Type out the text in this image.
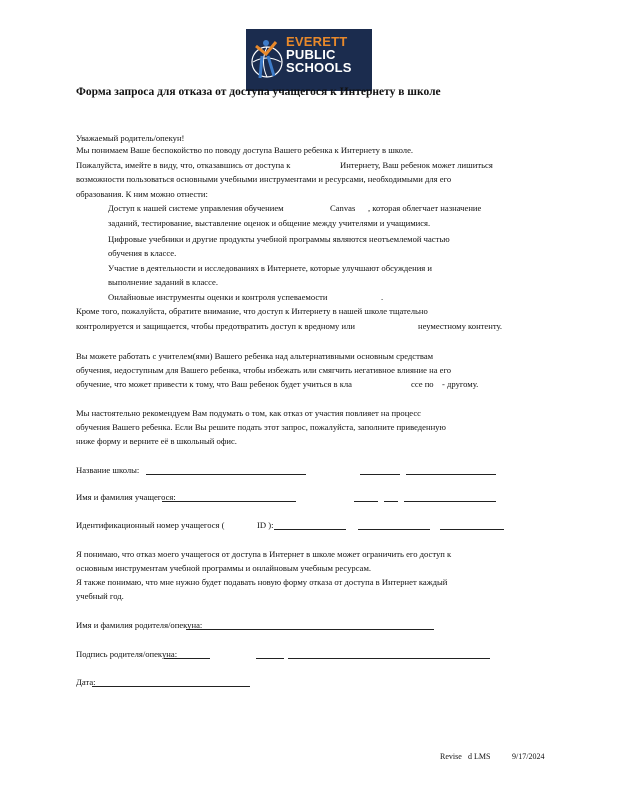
EVERETT
PUBLIC
SCHOOLS
Форма запроса для отказа от доступа учащегося к Интернету в школе
Уважаемый родитель/опекун!
Мы понимаем Ваше беспокойство по поводу доступа Вашего ребенка к Интернету в школе.
Пожалуйста, имейте в виду, что, отказавшись от доступа к	Интернету, Ваш ребенок может лишиться
возможности пользоваться основными учебными инструментами и ресурсами, необходимыми для его
образования. К ним можно отнести:
Доступ к нашей системе управления обучением	Canvas , которая облегчает назначение
заданий, тестирование, выставление оценок и общение между учителями и учащимися.
Цифровые учебники и другие продукты учебной программы являются неотъемлемой частью
обучения в классе.
Участие в деятельности и исследованиях в Интернете, которые улучшают обсуждения и
выполнение заданий в классе.
Онлайновые инструменты оценки и контроля успеваемости	.
Кроме того, пожалуйста, обратите внимание, что доступ к Интернету в нашей школе тщательно
контролируется и защищается, чтобы предотвратить доступ к вредному или	неуместному контенту.
Вы можете работать с учителем(ями) Вашего ребенка над альтернативными основным средствам
обучения, недоступным для Вашего ребенка, чтобы избежать или смягчить негативное влияние на его
обучение, что может привести к тому, что Ваш ребенок будет учиться в кла	ссе по - другому.
Мы настоятельно рекомендуем Вам подумать о том, как отказ от участия повлияет на процесс
обучения Вашего ребенка. Если Вы решите подать этот запрос, пожалуйста, заполните приведенную
ниже форму и верните её в школьный офис.
Название школы:
Имя и фамилия учащегося:
Идентификационный номер учащегося (	ID ):
Я понимаю, что отказ моего учащегося от доступа в Интернет в школе может ограничить его доступ к
основным инструментам учебной программы и онлайновым учебным ресурсам.
Я также понимаю, что мне нужно будет подавать новую форму отказа от доступа в Интернет каждый
учебный год.
Имя и фамилия родителя/опекуна:
Подпись родителя/опекуна:
Дата:
Revise d LMS	9/17/2024
